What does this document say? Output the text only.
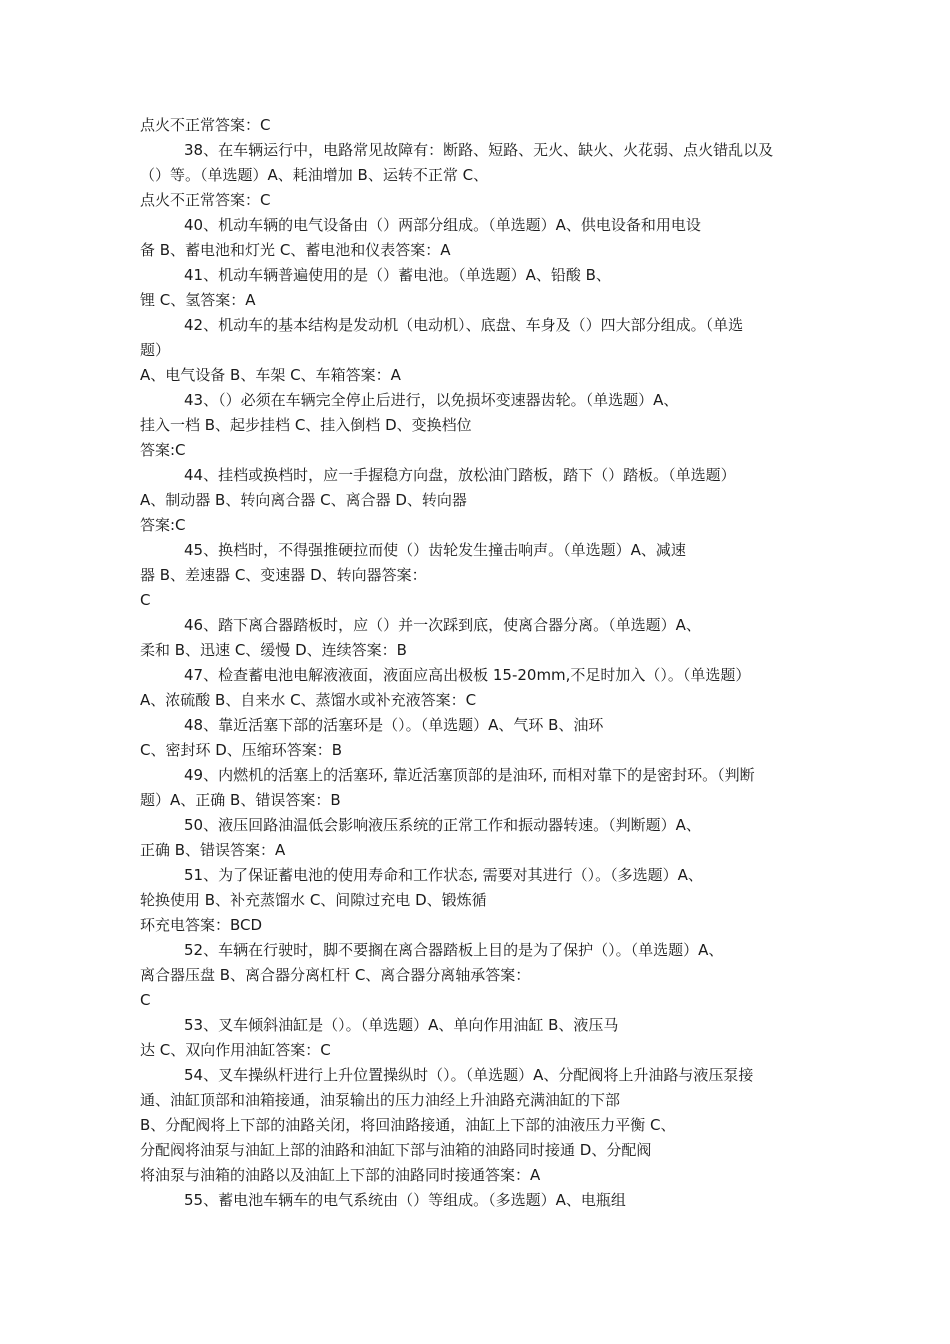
点火不正常答案：C
38、在车辆运行中，电路常见故障有：断路、短路、无火、缺火、火花弱、点火错乱以及
（）等。（单选题）A、耗油增加 B、运转不正常 C、
点火不正常答案：C
40、机动车辆的电气设备由（）两部分组成。（单选题）A、供电设备和用电设
备 B、蓄电池和灯光 C、蓄电池和仪表答案：A
41、机动车辆普遍使用的是（）蓄电池。（单选题）A、铅酸 B、
锂 C、氢答案：A
42、机动车的基本结构是发动机（电动机）、底盘、车身及（）四大部分组成。（单选
题）
A、电气设备 B、车架 C、车箱答案：A
43、（）必须在车辆完全停止后进行，以免损坏变速器齿轮。（单选题）A、
挂入一档 B、起步挂档 C、挂入倒档 D、变换档位
答案:C
44、挂档或换档时，应一手握稳方向盘，放松油门踏板，踏下（）踏板。（单选题）
A、制动器 B、转向离合器 C、离合器 D、转向器
答案:C
45、换档时，不得强推硬拉而使（）齿轮发生撞击响声。（单选题）A、减速
器 B、差速器 C、变速器 D、转向器答案：
C
46、踏下离合器踏板时，应（）并一次踩到底，使离合器分离。（单选题）A、
柔和 B、迅速 C、缓慢 D、连续答案：B
47、检查蓄电池电解液液面，液面应高出极板 15-20mm,不足时加入（）。（单选题）
A、浓硫酸 B、自来水 C、蒸馏水或补充液答案：C
48、靠近活塞下部的活塞环是（）。（单选题）A、气环 B、油环
C、密封环 D、压缩环答案：B
49、内燃机的活塞上的活塞环, 靠近活塞顶部的是油环, 而相对靠下的是密封环。（判断
题）A、正确 B、错误答案：B
50、液压回路油温低会影响液压系统的正常工作和振动器转速。（判断题）A、
正确 B、错误答案：A
51、为了保证蓄电池的使用寿命和工作状态, 需要对其进行（）。（多选题）A、
轮换使用 B、补充蒸馏水 C、间隙过充电 D、锻炼循
环充电答案：BCD
52、车辆在行驶时，脚不要搁在离合器踏板上目的是为了保护（）。（单选题）A、
离合器压盘 B、离合器分离杠杆 C、离合器分离轴承答案：
C
53、叉车倾斜油缸是（）。（单选题）A、单向作用油缸 B、液压马
达 C、双向作用油缸答案：C
54、叉车操纵杆进行上升位置操纵时（）。（单选题）A、分配阀将上升油路与液压泵接
通、油缸顶部和油箱接通，油泵输出的压力油经上升油路充满油缸的下部
B、分配阀将上下部的油路关闭，将回油路接通，油缸上下部的油液压力平衡 C、
分配阀将油泵与油缸上部的油路和油缸下部与油箱的油路同时接通 D、分配阀
将油泵与油箱的油路以及油缸上下部的油路同时接通答案：A
55、蓄电池车辆车的电气系统由（）等组成。（多选题）A、电瓶组
